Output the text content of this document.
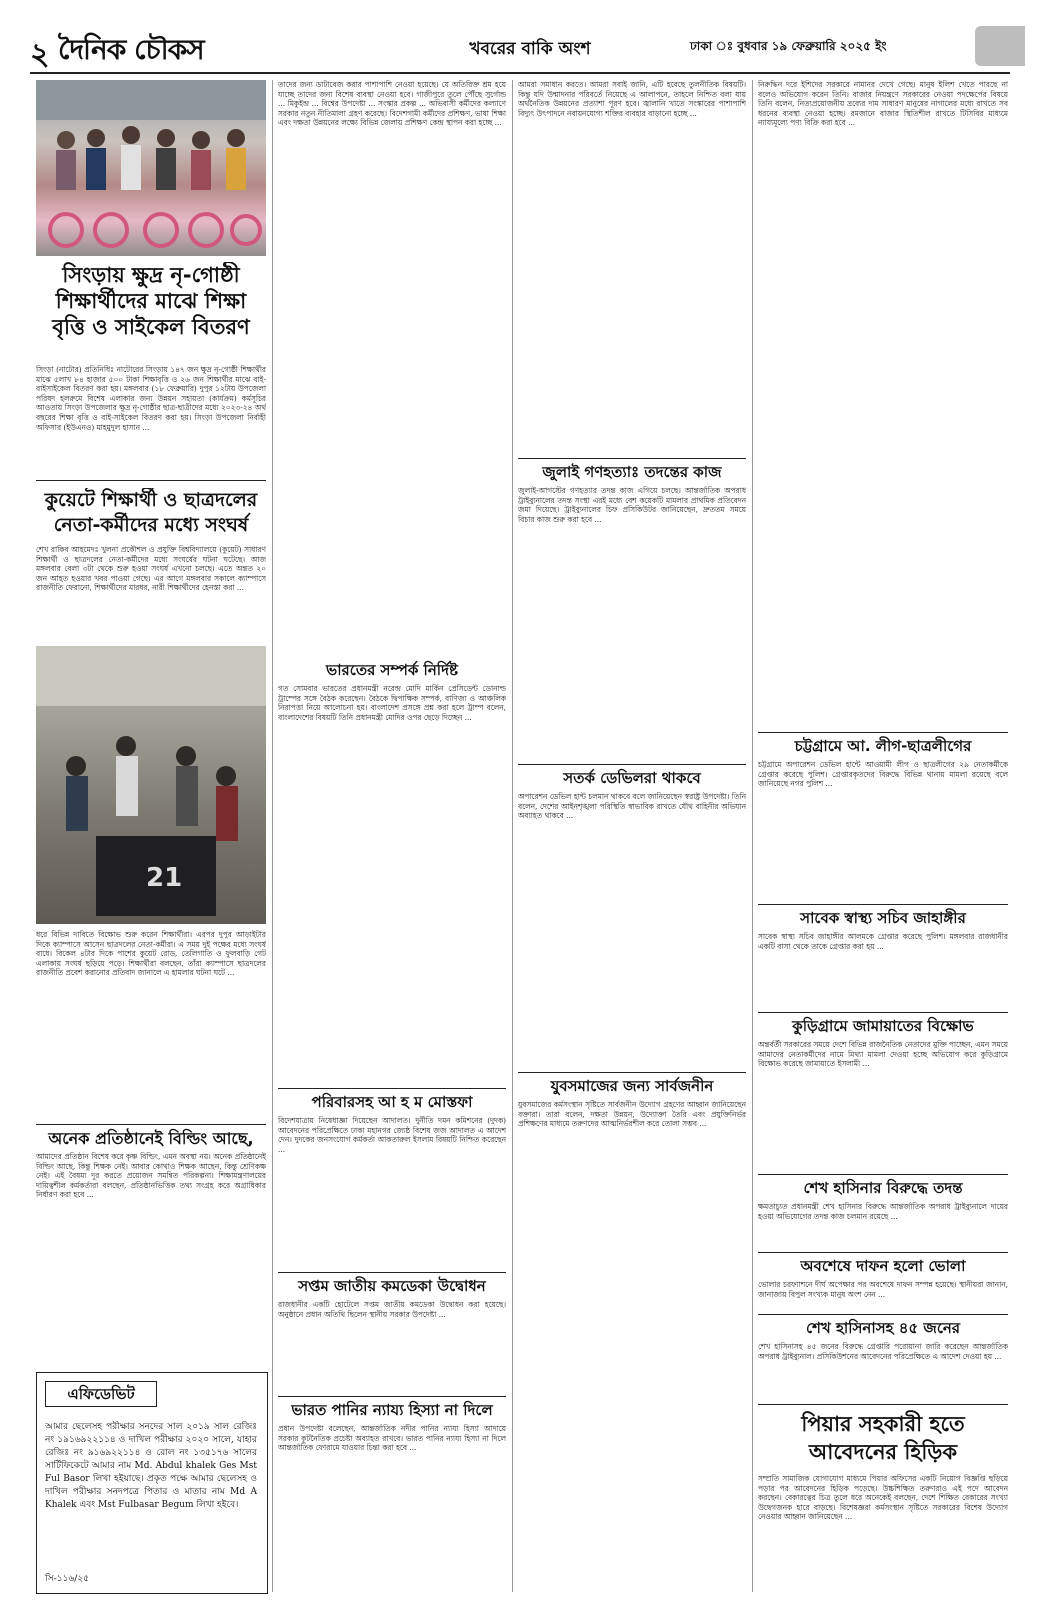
২ দৈনিক চৌকস	খবরের বাকি অংশ	ঢাকা ঃ বুধবার ১৯ ফেব্রুয়ারি ২০২৫ ইং
সিংড়ায় ক্ষুদ্র নৃ-গোষ্ঠী শিক্ষার্থীদের মাঝে শিক্ষা বৃত্তি ও সাইকেল বিতরণ
সিংড়া (নাটোর) প্রতিনিধিঃ নাটোরের সিংড়ায় ১৪৭ জন ক্ষুদ্র নৃ-গোষ্ঠী শিক্ষার্থীর মাঝে ৫লাখ ৮৪ হাজার ৫০০ টাকা শিক্ষাবৃত্তি ও ২৬ জন শিক্ষার্থীর মাঝে বাই-বাইসাইকেল বিতরণ করা হয়। মঙ্গলবার (১৮ ফেব্রুয়ারি) দুপুর ১২টায় উপজেলা পরিষদ হলরুমে বিশেষ এলাকার জন্য উন্নয়ন সহায়তা (কার্যক্রম) কর্মসূচির আওতায় সিংড়া উপজেলার ক্ষুদ্র নৃ-গোষ্ঠীর ছাত্র-ছাত্রীদের মধ্যে ২০২৩-২৪ অর্থ বছরের শিক্ষা বৃত্তি ও বাই-সাইকেল বিতরণ করা হয়। সিংড়া উপজেলা নির্বাহী অফিসার (ইউএনও) মাহমুদুল হাসান ...
কুয়েটে শিক্ষার্থী ও ছাত্রদলের নেতা-কর্মীদের মধ্যে সংঘর্ষ
শেখ রাকিব আহমেদঃ খুলনা প্রকৌশল ও প্রযুক্তি বিশ্ববিদ্যালয়ে (কুয়েট) সাধারণ শিক্ষার্থী ও ছাত্রদলের নেতা-কর্মীদের মধ্যে সংঘর্ষের ঘটনা ঘটেছে। আজ মঙ্গলবার বেলা ৩টা থেকে শুরু হওয়া সংঘর্ষ এখনো চলছে। এতে অন্তত ২০ জন আহত হওয়ার খবর পাওয়া গেছে। এর আগে মঙ্গলবার সকালে ক্যাম্পাসে রাজনীতি ফেরানো, শিক্ষার্থীদের মারধর, নারী শিক্ষার্থীদের হেনস্তা করা ...
21
ধরে বিভিন্ন দাবিতে বিক্ষোভ শুরু করেন শিক্ষার্থীরা। এরপর দুপুর আড়াইটার দিকে ক্যাম্পাসে আসেন ছাত্রদলের নেতা-কর্মীরা। এ সময় দুই পক্ষের মধ্যে সংঘর্ষ বাধে। বিকেল ৪টার দিকে পাশের কুয়েট রোড, তেলিগাতি ও ফুলবাড়ি গেট এলাকায় সংঘর্ষ ছড়িয়ে পড়ে। শিক্ষার্থীরা বলছেন, তাঁরা ক্যাম্পাসে ছাত্রদলের রাজনীতি প্রবেশ করানোর প্রতিবাদ জানালে এ হামলার ঘটনা ঘটে ...
অনেক প্রতিষ্ঠানেই বিল্ডিং আছে,
আমাদের প্রতিষ্ঠান বিশেষ করে কৃষ্ণ বিল্ডিং, এমন অবস্থা নয়। অনেক প্রতিষ্ঠানেই বিল্ডিং আছে, কিন্তু শিক্ষক নেই। আবার কোথাও শিক্ষক আছেন, কিন্তু শ্রেণিকক্ষ নেই। এই বৈষম্য দূর করতে প্রয়োজন সমন্বিত পরিকল্পনা। শিক্ষামন্ত্রণালয়ের দায়িত্বশীল কর্মকর্তারা বলছেন, প্রতিষ্ঠানভিত্তিক তথ্য সংগ্রহ করে অগ্রাধিকার নির্ধারণ করা হবে ...
এফিডেভিট
আমার ছেলেসহ পরীক্ষার সনদের সাল ২০১৯ সাল রেজিঃ নং ১৯১৬৯২২১১৪ ও দাখিল পরীক্ষার ২০২০ সালে, যাহার রেজিঃ নং ৯১৬৯২২১১৪ ও রোল নং ১৩৫১৭৬ সালের সার্টিফিকেটে আমার নাম Md. Abdul khalek Ges Mst Ful Basor লিখা হইয়াছে। প্রকৃত পক্ষে আমার ছেলেসহ ও দাখিল পরীক্ষার সনদপত্রে পিতার ও মাতার নাম Md A Khalek এবং Mst Fulbasar Begum লিখা হইবে।
সি-১১৬/২৫
তাদের জন্য ডাটাবেজ করার পাশাপাশি নেওয়া হয়েছে। যে অতিরিক্ত শ্রম হয়ে যাচ্ছে তাদের জন্য বিশেষ ব্যবস্থা নেওয়া হবে। গাজীপুরে তুলে পৌঁছে সুর্গোন্ড ... মিকুইন্দ্র ... বিশ্বের উপদেষ্টা ... সংস্কার প্রকল্প ... অভিবাসী কর্মীদের কল্যাণে সরকার নতুন নীতিমালা গ্রহণ করেছে। বিদেশগামী কর্মীদের প্রশিক্ষণ, ভাষা শিক্ষা এবং দক্ষতা উন্নয়নের লক্ষ্যে বিভিন্ন জেলায় প্রশিক্ষণ কেন্দ্র স্থাপন করা হচ্ছে ...
ভারতের সম্পর্ক নির্দিষ্ট
গত সোমবার ভারতের প্রধানমন্ত্রী নরেন্দ্র মোদি মার্কিন প্রেসিডেন্ট ডোনাল্ড ট্রাম্পের সঙ্গে বৈঠক করেছেন। বৈঠকে দ্বিপাক্ষিক সম্পর্ক, বাণিজ্য ও আঞ্চলিক নিরাপত্তা নিয়ে আলোচনা হয়। বাংলাদেশ প্রসঙ্গে প্রশ্ন করা হলে ট্রাম্প বলেন, বাংলাদেশের বিষয়টি তিনি প্রধানমন্ত্রী মোদির ওপর ছেড়ে দিচ্ছেন ...
পরিবারসহ আ হ ম মোস্তফা
বিদেশযাত্রায় নিষেধাজ্ঞা দিয়েছেন আদালত। দুর্নীতি দমন কমিশনের (দুদক) আবেদনের পরিপ্রেক্ষিতে ঢাকা মহানগর জ্যেষ্ঠ বিশেষ জজ আদালত এ আদেশ দেন। দুদকের জনসংযোগ কর্মকর্তা আকতারুল ইসলাম বিষয়টি নিশ্চিত করেছেন ...
সপ্তম জাতীয় কমডেকা উদ্বোধন
রাজধানীর একটি হোটেলে সপ্তম জাতীয় কমডেকা উদ্বোধন করা হয়েছে। অনুষ্ঠানে প্রধান অতিথি ছিলেন স্থানীয় সরকার উপদেষ্টা ...
ভারত পানির ন্যায্য হিস্যা না দিলে
প্রধান উপদেষ্টা বলেছেন, আন্তর্জাতিক নদীর পানির ন্যায্য হিস্যা আদায়ে সরকার কূটনৈতিক প্রচেষ্টা অব্যাহত রাখবে। ভারত পানির ন্যায্য হিস্যা না দিলে আন্তর্জাতিক ফোরামে যাওয়ার চিন্তা করা হবে ...
আমরা সমাধান করতে। আমরা সবাই জানি, এটি হবেছে তুলনীতিক বিষয়টি। কিন্তু যদি উন্মাদনার পরিবর্তে নিয়েছে এ আলাপনে, তাহলে নিশ্চিত বলা যায় অর্থনৈতিক উন্নয়নের প্রত্যাশা পূরণ হবে। জ্বালানি খাতে সংস্কারের পাশাপাশি বিদ্যুৎ উৎপাদনে নবায়নযোগ্য শক্তির ব্যবহার বাড়ানো হচ্ছে ...
জুলাই গণহত্যাঃ তদন্তের কাজ
জুলাই-আগস্টের গণহত্যার তদন্ত কাজ এগিয়ে চলছে। আন্তর্জাতিক অপরাধ ট্রাইব্যুনালের তদন্ত সংস্থা এরই মধ্যে বেশ কয়েকটি মামলার প্রাথমিক প্রতিবেদন জমা দিয়েছে। ট্রাইব্যুনালের চিফ প্রসিকিউটর জানিয়েছেন, দ্রুততম সময়ে বিচার কাজ শুরু করা হবে ...
সতর্ক ডেভিলরা থাকবে
অপারেশন ডেভিল হান্ট চলমান থাকবে বলে জানিয়েছেন স্বরাষ্ট্র উপদেষ্টা। তিনি বলেন, দেশের আইনশৃঙ্খলা পরিস্থিতি স্বাভাবিক রাখতে যৌথ বাহিনীর অভিযান অব্যাহত থাকবে ...
যুবসমাজের জন্য সার্বজনীন
যুবসমাজের কর্মসংস্থান সৃষ্টিতে সার্বজনীন উদ্যোগ গ্রহণের আহ্বান জানিয়েছেন বক্তারা। তারা বলেন, দক্ষতা উন্নয়ন, উদ্যোক্তা তৈরি এবং প্রযুক্তিনির্ভর প্রশিক্ষণের মাধ্যমে তরুণদের আত্মনির্ভরশীল করে তোলা সম্ভব ...
নিরুদ্ধিন দরে ইশিদের সরকারে নামানর দেখে গেছে। মানুষ ইলিশ খেতে পারছে না বলেও অভিযোগ করেন তিনি। বাজার নিয়ন্ত্রণে সরকারের নেওয়া পদক্ষেপের বিষয়ে তিনি বলেন, নিত্যপ্রয়োজনীয় দ্রব্যের দাম সাধারণ মানুষের নাগালের মধ্যে রাখতে সব ধরনের ব্যবস্থা নেওয়া হচ্ছে। রমজানে বাজার স্থিতিশীল রাখতে টিসিবির মাধ্যমে ন্যায্যমূল্যে পণ্য বিক্রি করা হবে ...
চট্টগ্রামে আ. লীগ-ছাত্রলীগের
চট্টগ্রামে অপারেশন ডেভিল হান্টে আওয়ামী লীগ ও ছাত্রলীগের ২৯ নেতাকর্মীকে গ্রেপ্তার করেছে পুলিশ। গ্রেপ্তারকৃতদের বিরুদ্ধে বিভিন্ন থানায় মামলা রয়েছে বলে জানিয়েছে নগর পুলিশ ...
সাবেক স্বাস্থ্য সচিব জাহাঙ্গীর
সাবেক স্বাস্থ্য সচিব জাহাঙ্গীর আলমকে গ্রেপ্তার করেছে পুলিশ। মঙ্গলবার রাজধানীর একটি বাসা থেকে তাকে গ্রেপ্তার করা হয় ...
কুড়িগ্রামে জামায়াতের বিক্ষোভ
অন্তর্বর্তী সরকারের সময়ে দেশে বিভিন্ন রাজনৈতিক নেতাদের মুক্তি পাচ্ছেন, এমন সময়ে আমাদের নেতাকর্মীদের নামে মিথ্যা মামলা দেওয়া হচ্ছে অভিযোগ করে কুড়িগ্রামে বিক্ষোভ করেছে জামায়াতে ইসলামী ...
শেখ হাসিনার বিরুদ্ধে তদন্ত
ক্ষমতাচ্যুত প্রধানমন্ত্রী শেখ হাসিনার বিরুদ্ধে আন্তর্জাতিক অপরাধ ট্রাইব্যুনালে দায়ের হওয়া অভিযোগের তদন্ত কাজ চলমান রয়েছে ...
অবশেষে দাফন হলো ভোলা
ভোলার চরফ্যাশনে দীর্ঘ অপেক্ষার পর অবশেষে দাফন সম্পন্ন হয়েছে। স্থানীয়রা জানান, জানাজায় বিপুল সংখ্যক মানুষ অংশ নেন ...
শেখ হাসিনাসহ ৪৫ জনের
শেখ হাসিনাসহ ৪৫ জনের বিরুদ্ধে গ্রেপ্তারি পরোয়ানা জারি করেছেন আন্তর্জাতিক অপরাধ ট্রাইব্যুনাল। প্রসিকিউশনের আবেদনের পরিপ্রেক্ষিতে এ আদেশ দেওয়া হয় ...
পিয়ার সহকারী হতে আবেদনের হিড়িক
সম্প্রতি সামাজিক যোগাযোগ মাধ্যমে পিয়ার অফিসের একটি নিয়োগ বিজ্ঞপ্তি ছড়িয়ে পড়ার পর আবেদনের হিড়িক পড়েছে। উচ্চশিক্ষিত তরুণরাও এই পদে আবেদন করছেন। বেকারত্বের চিত্র তুলে ধরে অনেকেই বলছেন, দেশে শিক্ষিত বেকারের সংখ্যা উদ্বেগজনক হারে বাড়ছে। বিশেষজ্ঞরা কর্মসংস্থান সৃষ্টিতে সরকারের বিশেষ উদ্যোগ নেওয়ার আহ্বান জানিয়েছেন ...
